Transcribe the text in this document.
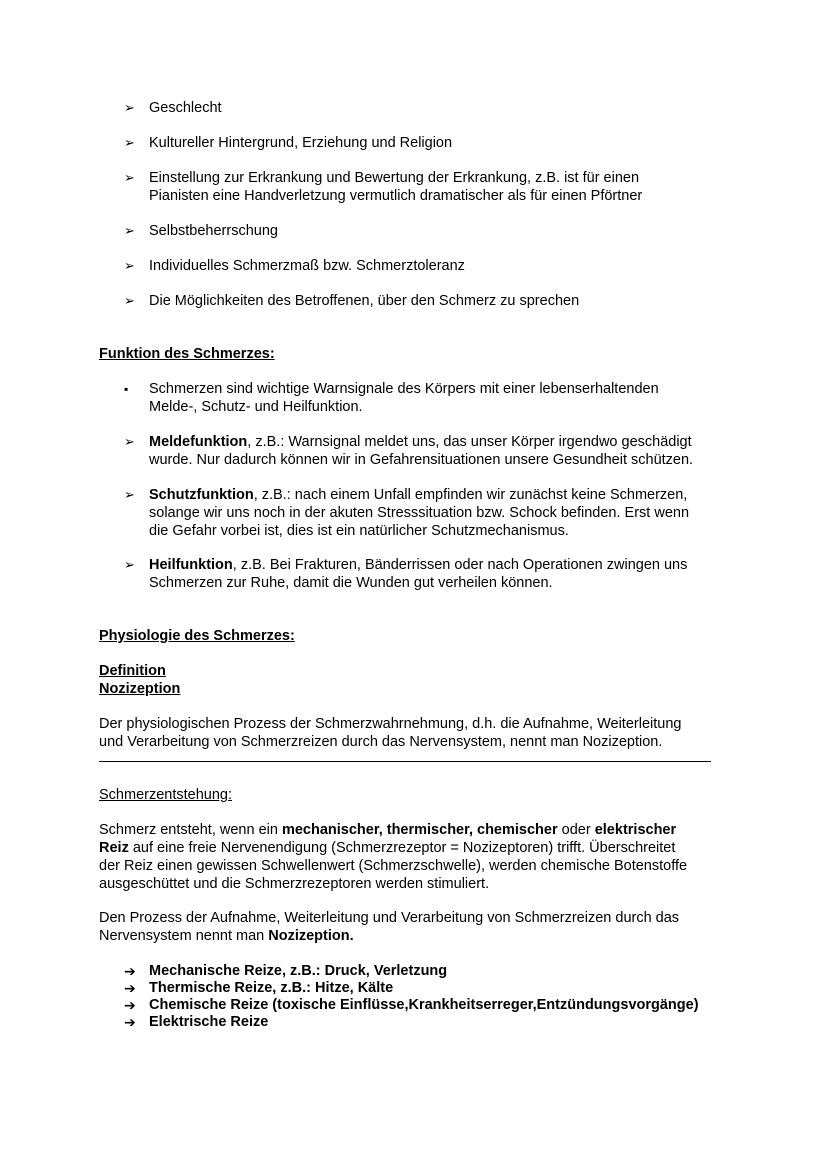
➢
Geschlecht
➢
Kultureller Hintergrund, Erziehung und Religion
➢
Einstellung zur Erkrankung und Bewertung der Erkrankung, z.B. ist für einen
Pianisten eine Handverletzung vermutlich dramatischer als für einen Pförtner
➢
Selbstbeherrschung
➢
Individuelles Schmerzmaß bzw. Schmerztoleranz
➢
Die Möglichkeiten des Betroffenen, über den Schmerz zu sprechen
Funktion des Schmerzes:
▪
Schmerzen sind wichtige Warnsignale des Körpers mit einer lebenserhaltenden
Melde-, Schutz- und Heilfunktion.
➢
Meldefunktion, z.B.: Warnsignal meldet uns, das unser Körper irgendwo geschädigt
wurde. Nur dadurch können wir in Gefahrensituationen unsere Gesundheit schützen.
➢
Schutzfunktion, z.B.: nach einem Unfall empfinden wir zunächst keine Schmerzen,
solange wir uns noch in der akuten Stresssituation bzw. Schock befinden. Erst wenn
die Gefahr vorbei ist, dies ist ein natürlicher Schutzmechanismus.
➢
Heilfunktion, z.B. Bei Frakturen, Bänderrissen oder nach Operationen zwingen uns
Schmerzen zur Ruhe, damit die Wunden gut verheilen können.
Physiologie des Schmerzes:
Definition
Nozizeption
Der physiologischen Prozess der Schmerzwahrnehmung, d.h. die Aufnahme, Weiterleitung
und Verarbeitung von Schmerzreizen durch das Nervensystem, nennt man Nozizeption.
Schmerzentstehung:
Schmerz entsteht, wenn ein mechanischer, thermischer, chemischer oder elektrischer
Reiz auf eine freie Nervenendigung (Schmerzrezeptor = Nozizeptoren) trifft. Überschreitet
der Reiz einen gewissen Schwellenwert (Schmerzschwelle), werden chemische Botenstoffe
ausgeschüttet und die Schmerzrezeptoren werden stimuliert.
Den Prozess der Aufnahme, Weiterleitung und Verarbeitung von Schmerzreizen durch das
Nervensystem nennt man Nozizeption.
➔
Mechanische Reize, z.B.: Druck, Verletzung
➔
Thermische Reize, z.B.: Hitze, Kälte
➔
Chemische Reize (toxische Einflüsse,Krankheitserreger,Entzündungsvorgänge)
➔
Elektrische Reize
